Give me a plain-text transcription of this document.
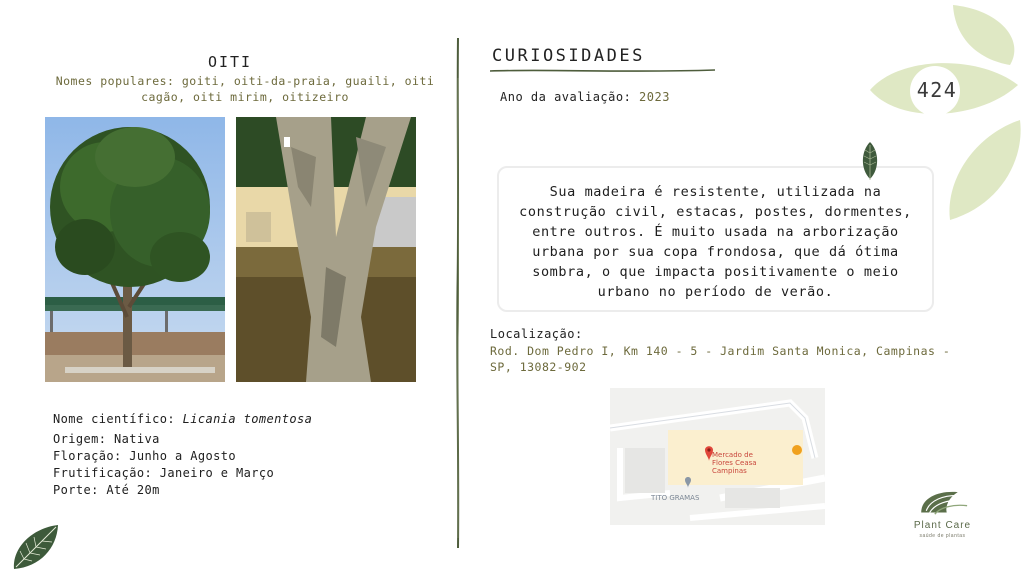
OITI
Nomes populares: goiti, oiti-da-praia, guaili, oiti cagão, oiti mirim, oitizeiro
Nome científico: Licania tomentosa
Origem: Nativa
Floração: Junho a Agosto
Frutificação: Janeiro e Março
Porte: Até 20m
CURIOSIDADES
Ano da avaliação: 2023
Sua madeira é resistente, utilizada na construção civil, estacas, postes, dormentes, entre outros. É muito usada na arborização urbana por sua copa frondosa, que dá ótima sombra, o que impacta positivamente o meio urbano no período de verão.
Localização:
Rod. Dom Pedro I, Km 140 - 5 - Jardim Santa Monica, Campinas - SP, 13082-902
Mercado de Flores Ceasa Campinas
TITO GRAMAS
424
Plant Care
saúde de plantas
